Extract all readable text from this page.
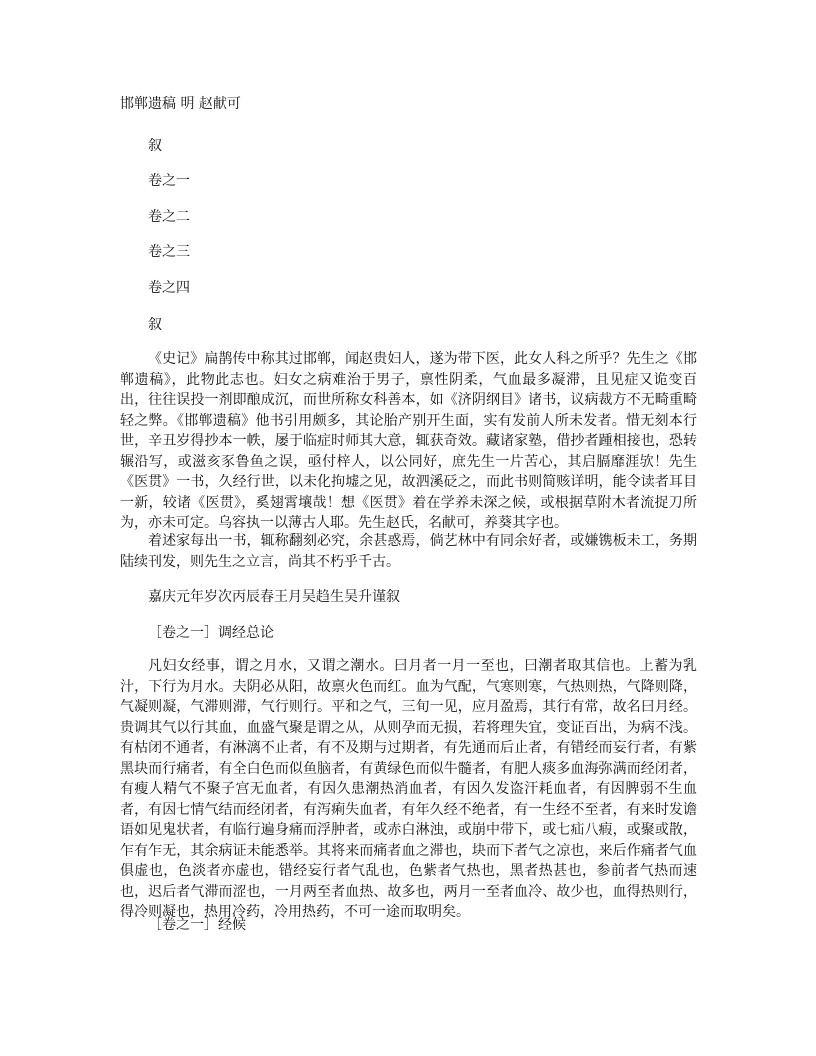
邯郸遗稿 明 赵献可
叙
卷之一
卷之二
卷之三
卷之四
叙

《史记》扁鹊传中称其过邯郸，闻赵贵妇人，遂为带下医，此女人科之所乎？先生之《邯郸遗稿》，此物此志也。妇女之病难治于男子，禀性阴柔，气血最多凝滞，且见症又诡变百出，往往误投一剂即酿成沉，而世所称女科善本，如《济阴纲目》诸书，议病裁方不无畸重畸轻之弊。《邯郸遗稿》他书引用颇多，其论胎产别开生面，实有发前人所未发者。惜无刻本行世，辛丑岁得抄本一帙，屡于临症时师其大意，辄获奇效。藏诸家塾，借抄者踵相接也，恐转辗沿写，或滋亥豕鲁鱼之误，亟付梓人，以公同好，庶先生一片苦心，其启膈靡涯欤！先生《医贯》一书，久经行世，以未化拘墟之见，故泗溪砭之，而此书则简赅详明，能令读者耳目一新，较诸《医贯》，奚翅霄壤哉！想《医贯》着在学养未深之候，或根据草附木者流捉刀所为，亦未可定。乌容执一以薄古人耶。先生赵氏，名献可，养葵其字也。

着述家每出一书，辄称翻刻必究，余甚惑焉，倘艺林中有同余好者，或嫌镌板未工，务期陆续刊发，则先生之立言，尚其不朽乎千古。

嘉庆元年岁次丙辰春王月吴趋生吴升谨叙
［卷之一］调经总论

凡妇女经事，谓之月水，又谓之潮水。曰月者一月一至也，曰潮者取其信也。上蓄为乳汁，下行为月水。夫阴必从阳，故禀火色而红。血为气配，气寒则寒，气热则热，气降则降，气凝则凝，气滞则滞，气行则行。平和之气，三旬一见，应月盈焉，其行有常，故名曰月经。贵调其气以行其血，血盛气聚是谓之从，从则孕而无损，若将理失宜，变证百出，为病不浅。有枯闭不通者，有淋漓不止者，有不及期与过期者，有先通而后止者，有错经而妄行者，有紫黑块而行痛者，有全白色而似鱼脑者，有黄绿色而似牛髓者，有肥人痰多血海弥满而经闭者，有瘦人精气不聚子宫无血者，有因久患潮热消血者，有因久发盗汗耗血者，有因脾弱不生血者，有因七情气结而经闭者，有泻痢失血者，有年久经不绝者，有一生经不至者，有来时发谵语如见鬼状者，有临行遍身痛而浮肿者，或赤白淋浊，或崩中带下，或七疝八瘕，或聚或散，乍有乍无，其余病证未能悉举。其将来而痛者血之滞也，块而下者气之凉也，来后作痛者气血俱虚也，色淡者亦虚也，错经妄行者气乱也，色紫者气热也，黑者热甚也，参前者气热而速也，迟后者气滞而涩也，一月两至者血热、故多也，两月一至者血冷、故少也，血得热则行，得冷则凝也，热用冷药，冷用热药，不可一途而取明矣。

［卷之一］经候
